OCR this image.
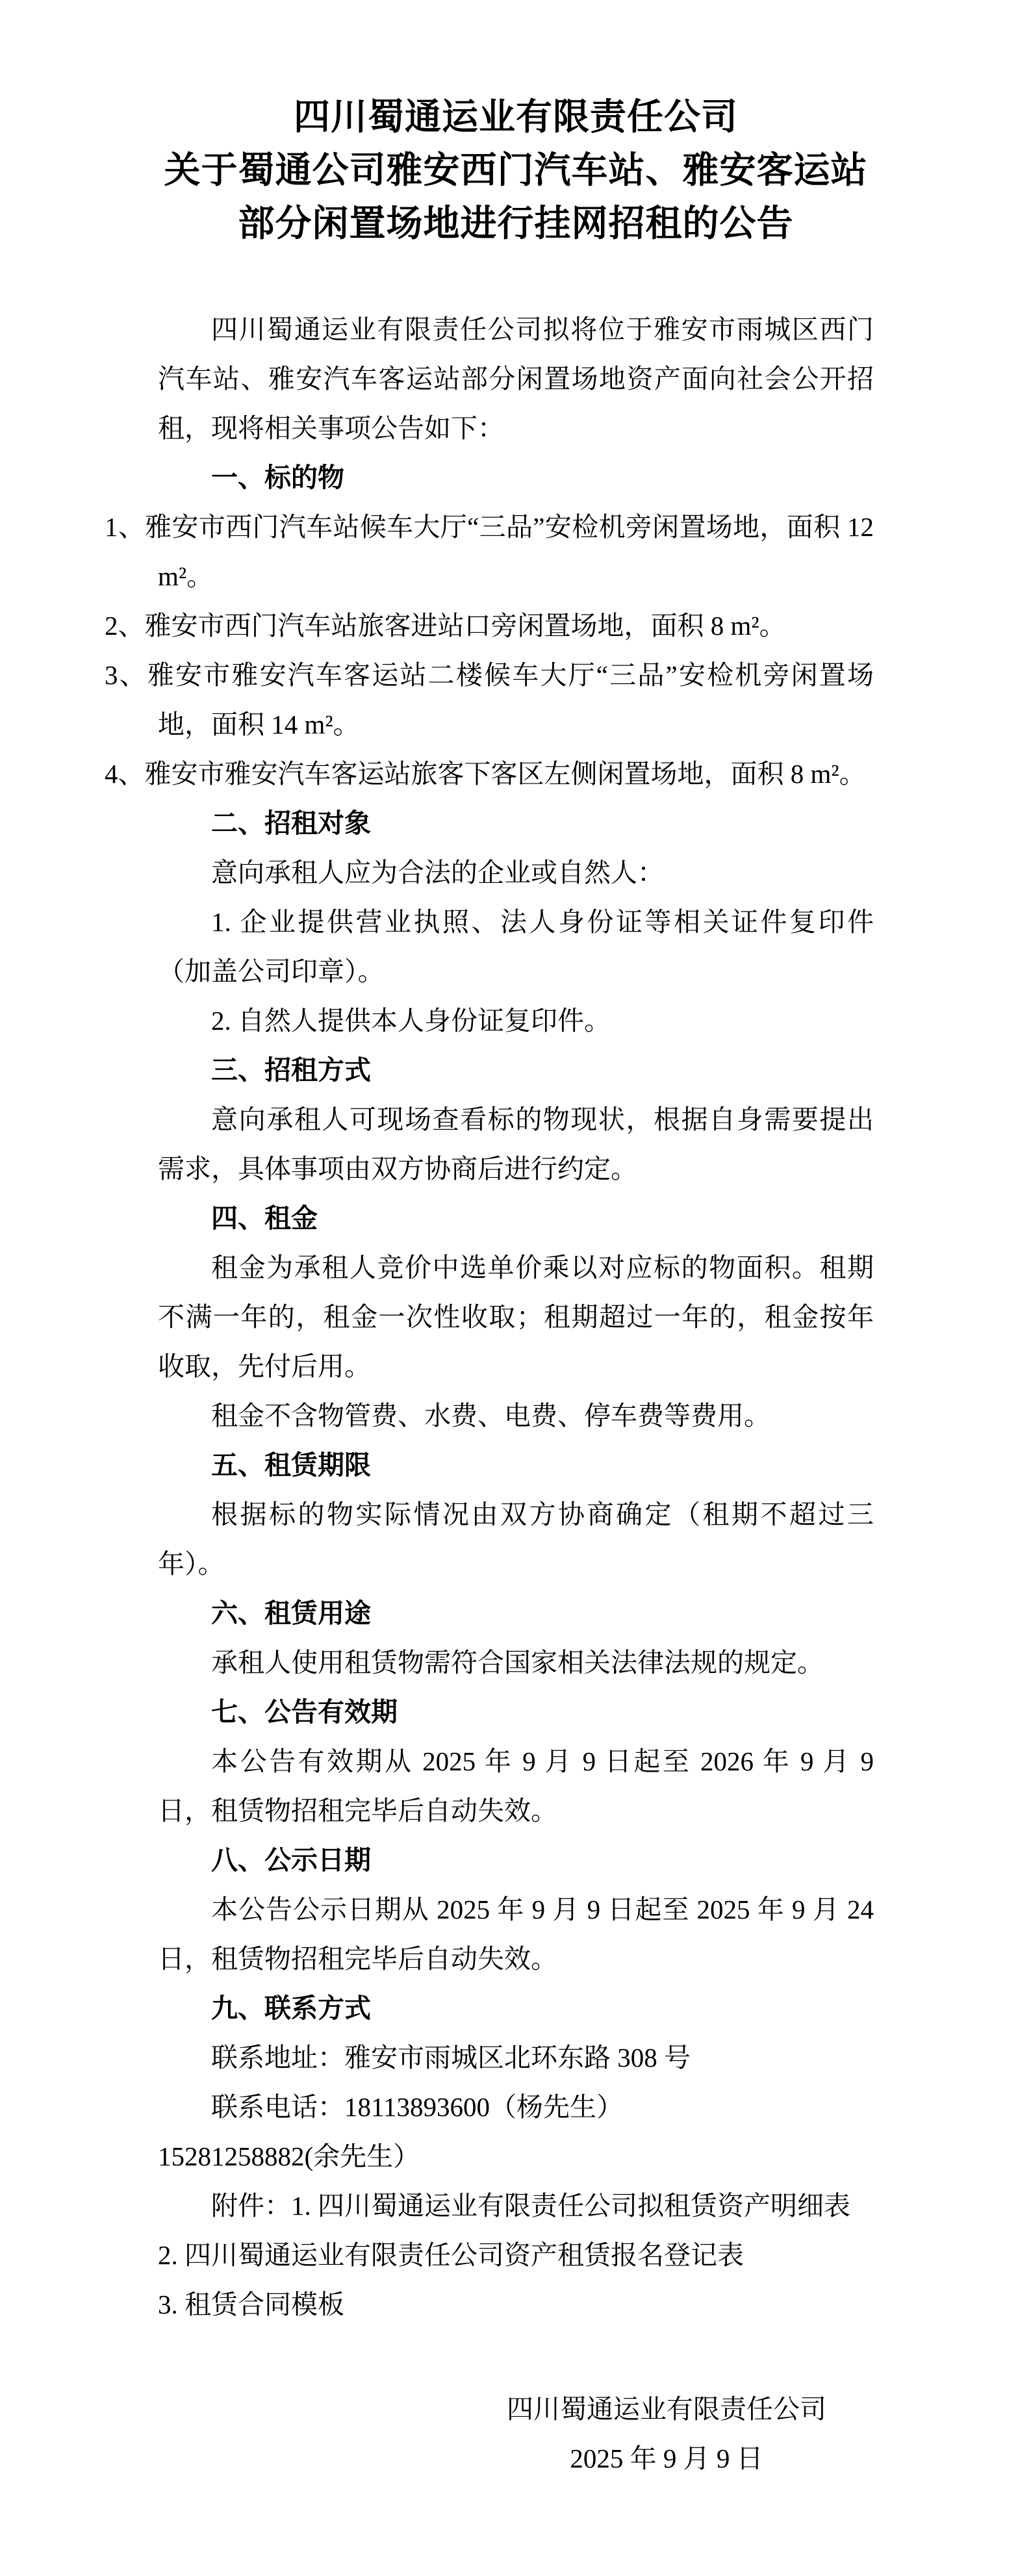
四川蜀通运业有限责任公司
关于蜀通公司雅安西门汽车站、雅安客运站
部分闲置场地进行挂网招租的公告

四川蜀通运业有限责任公司拟将位于雅安市雨城区西门汽车站、雅安汽车客运站部分闲置场地资产面向社会公开招租，现将相关事项公告如下：

一、标的物

1、雅安市西门汽车站候车大厅“三品”安检机旁闲置场地，面积 12 m²。

2、雅安市西门汽车站旅客进站口旁闲置场地，面积 8 m²。

3、雅安市雅安汽车客运站二楼候车大厅“三品”安检机旁闲置场地，面积 14 m²。

4、雅安市雅安汽车客运站旅客下客区左侧闲置场地，面积 8 m²。

二、招租对象

意向承租人应为合法的企业或自然人：

1. 企业提供营业执照、法人身份证等相关证件复印件（加盖公司印章）。

2. 自然人提供本人身份证复印件。

三、招租方式

意向承租人可现场查看标的物现状，根据自身需要提出需求，具体事项由双方协商后进行约定。

四、租金

租金为承租人竞价中选单价乘以对应标的物面积。租期不满一年的，租金一次性收取；租期超过一年的，租金按年收取，先付后用。

租金不含物管费、水费、电费、停车费等费用。

五、租赁期限

根据标的物实际情况由双方协商确定（租期不超过三年）。

六、租赁用途

承租人使用租赁物需符合国家相关法律法规的规定。

七、公告有效期

本公告有效期从 2025 年 9 月 9 日起至 2026 年 9 月 9 日，租赁物招租完毕后自动失效。

八、公示日期

本公告公示日期从 2025 年 9 月 9 日起至 2025 年 9 月 24 日，租赁物招租完毕后自动失效。

九、联系方式

联系地址：雅安市雨城区北环东路 308 号

联系电话：18113893600（杨先生）

15281258882(余先生）

附件：1. 四川蜀通运业有限责任公司拟租赁资产明细表

2. 四川蜀通运业有限责任公司资产租赁报名登记表

3. 租赁合同模板

四川蜀通运业有限责任公司
2025 年 9 月 9 日
